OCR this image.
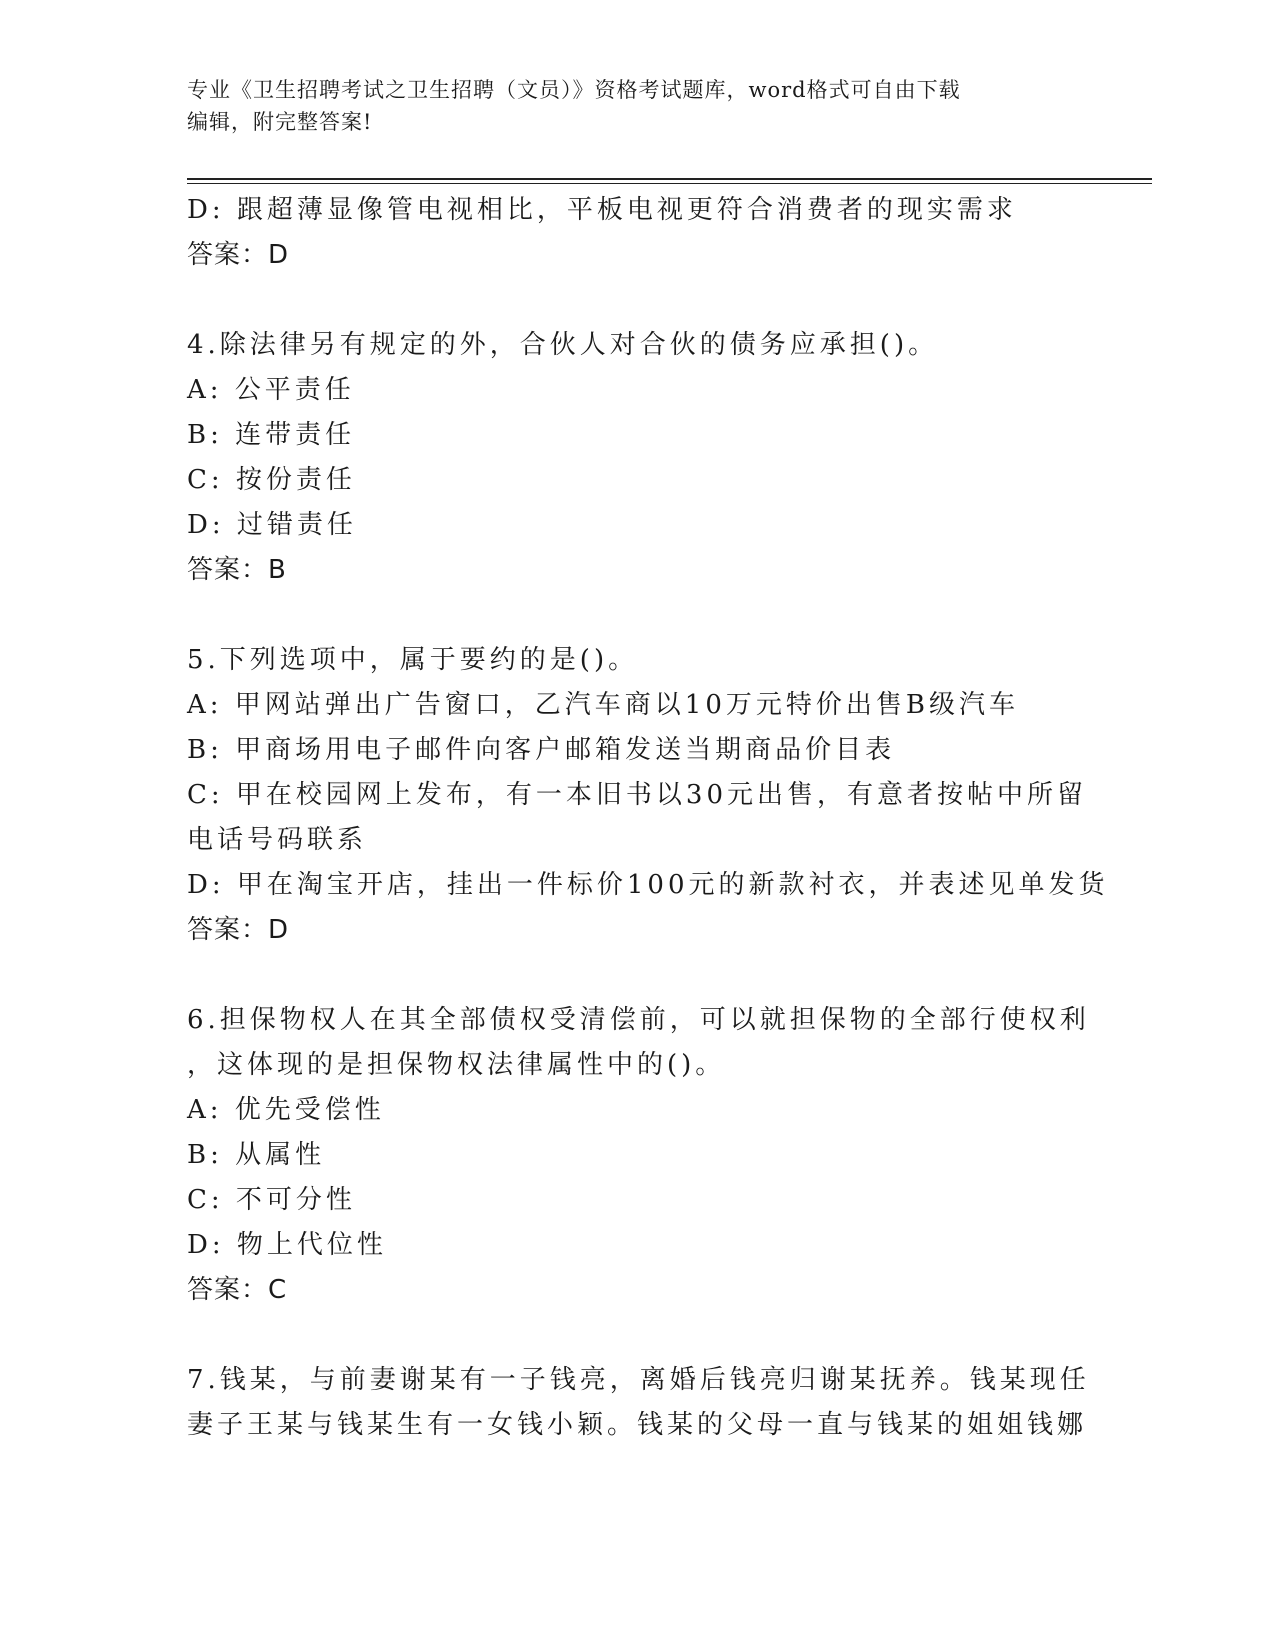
专业《卫生招聘考试之卫生招聘（文员）》资格考试题库，word格式可自由下载
编辑，附完整答案!
D: 跟超薄显像管电视相比，平板电视更符合消费者的现实需求
答案：D
4.除法律另有规定的外，合伙人对合伙的债务应承担()。
A: 公平责任
B: 连带责任
C: 按份责任
D: 过错责任
答案：B
5.下列选项中，属于要约的是()。
A: 甲网站弹出广告窗口，乙汽车商以10万元特价出售B级汽车
B: 甲商场用电子邮件向客户邮箱发送当期商品价目表
C: 甲在校园网上发布，有一本旧书以30元出售，有意者按帖中所留
电话号码联系
D: 甲在淘宝开店，挂出一件标价100元的新款衬衣，并表述见单发货
答案：D
6.担保物权人在其全部债权受清偿前，可以就担保物的全部行使权利
，这体现的是担保物权法律属性中的()。
A: 优先受偿性
B: 从属性
C: 不可分性
D: 物上代位性
答案：C
7.钱某，与前妻谢某有一子钱亮，离婚后钱亮归谢某抚养。钱某现任
妻子王某与钱某生有一女钱小颖。钱某的父母一直与钱某的姐姐钱娜
